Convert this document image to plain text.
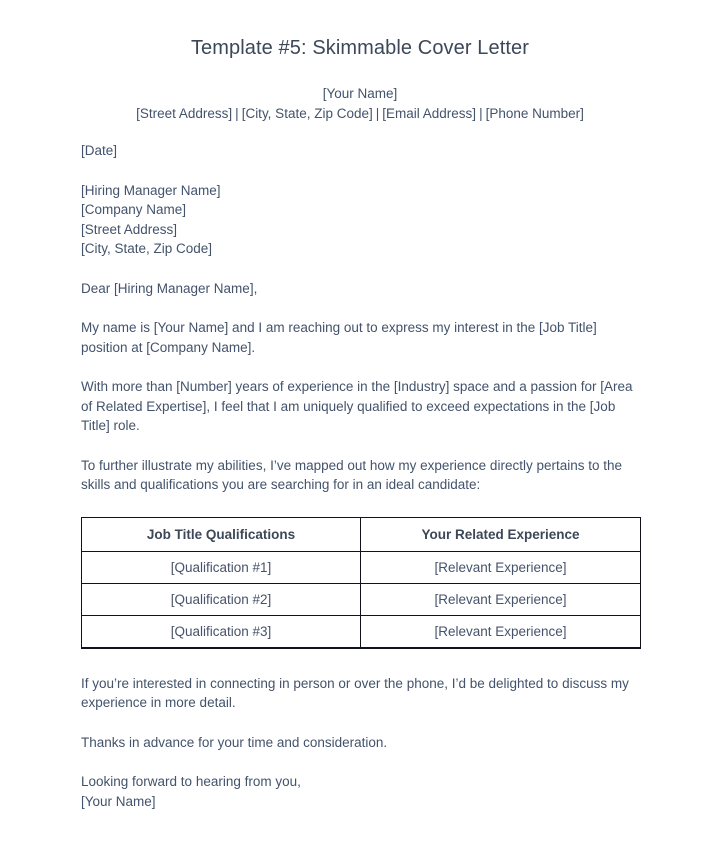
Template #5: Skimmable Cover Letter
[Your Name]
[Street Address] | [City, State, Zip Code] | [Email Address] | [Phone Number]

[Date]

[Hiring Manager Name]
[Company Name]
[Street Address]
[City, State, Zip Code]

Dear [Hiring Manager Name],

My name is [Your Name] and I am reaching out to express my interest in the [Job Title] position at [Company Name].

With more than [Number] years of experience in the [Industry] space and a passion for [Area of Related Expertise], I feel that I am uniquely qualified to exceed expectations in the [Job Title] role.

To further illustrate my abilities, I’ve mapped out how my experience directly pertains to the skills and qualifications you are searching for in an ideal candidate:

Job Title Qualifications	Your Related Experience
[Qualification #1]	[Relevant Experience]
[Qualification #2]	[Relevant Experience]
[Qualification #3]	[Relevant Experience]

If you’re interested in connecting in person or over the phone, I’d be delighted to discuss my experience in more detail.

Thanks in advance for your time and consideration.

Looking forward to hearing from you,
[Your Name]
